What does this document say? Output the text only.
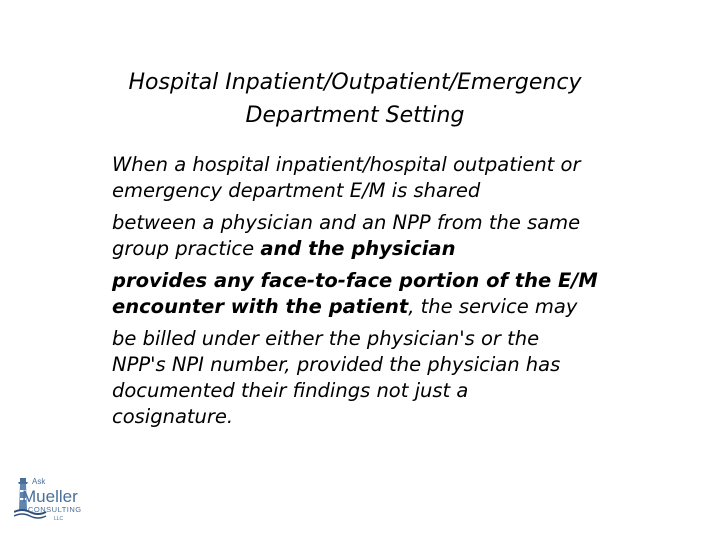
Hospital Inpatient/Outpatient/Emergency
Department Setting

When a hospital inpatient/hospital outpatient or
emergency department E/M is shared

between a physician and an NPP from the same
group practice and the physician

provides any face-to-face portion of the E/M
encounter with the patient, the service may

be billed under either the physician's or the
NPP's NPI number, provided the physician has
documented their findings not just a
cosignature.

Ask
Mueller
CONSULTING
LLC
